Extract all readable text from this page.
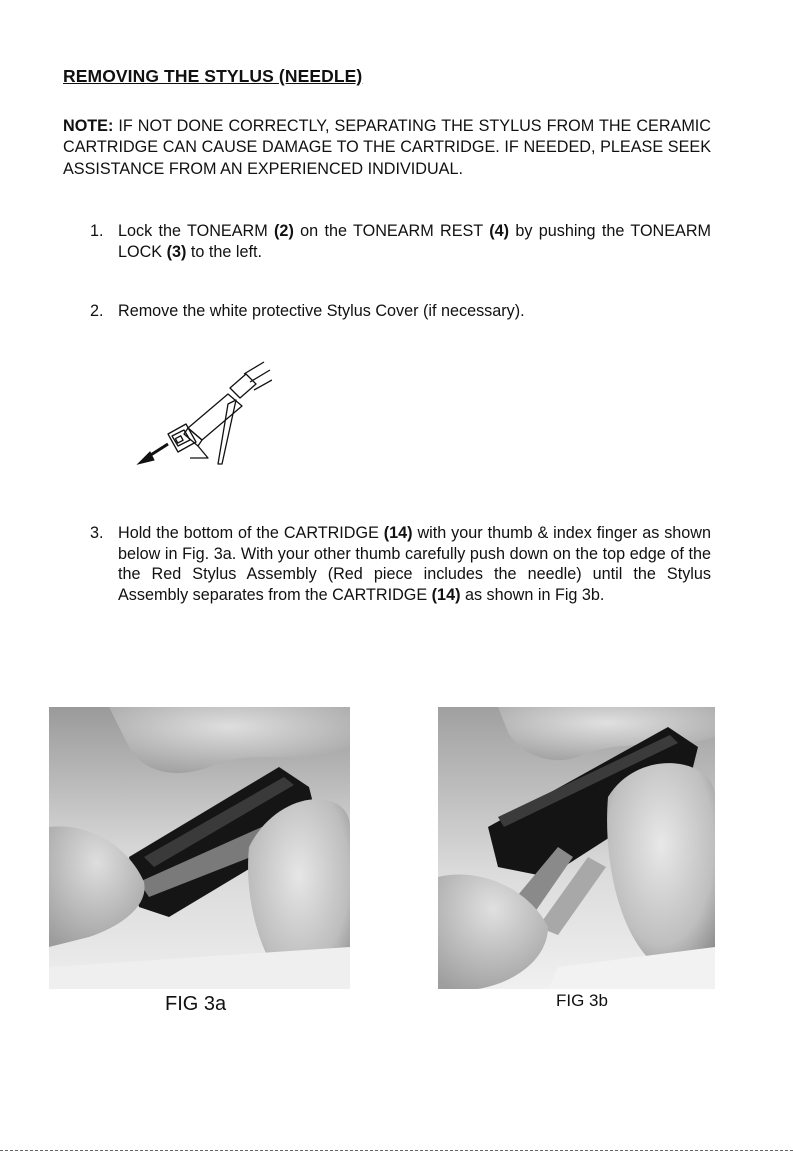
REMOVING THE STYLUS (NEEDLE)
NOTE: IF NOT DONE CORRECTLY, SEPARATING THE STYLUS FROM THE CERAMIC CARTRIDGE CAN CAUSE DAMAGE TO THE CARTRIDGE. IF NEEDED, PLEASE SEEK ASSISTANCE FROM AN EXPERIENCED INDIVIDUAL.
1. Lock the TONEARM (2) on the TONEARM REST (4) by pushing the TONEARM LOCK (3) to the left.
2. Remove the white protective Stylus Cover (if necessary).
3. Hold the bottom of the CARTRIDGE (14) with your thumb & index finger as shown below in Fig. 3a. With your other thumb carefully push down on the top edge of the the Red Stylus Assembly (Red piece includes the needle) until the Stylus Assembly separates from the CARTRIDGE (14) as shown in Fig 3b.
FIG 3a	FIG 3b
